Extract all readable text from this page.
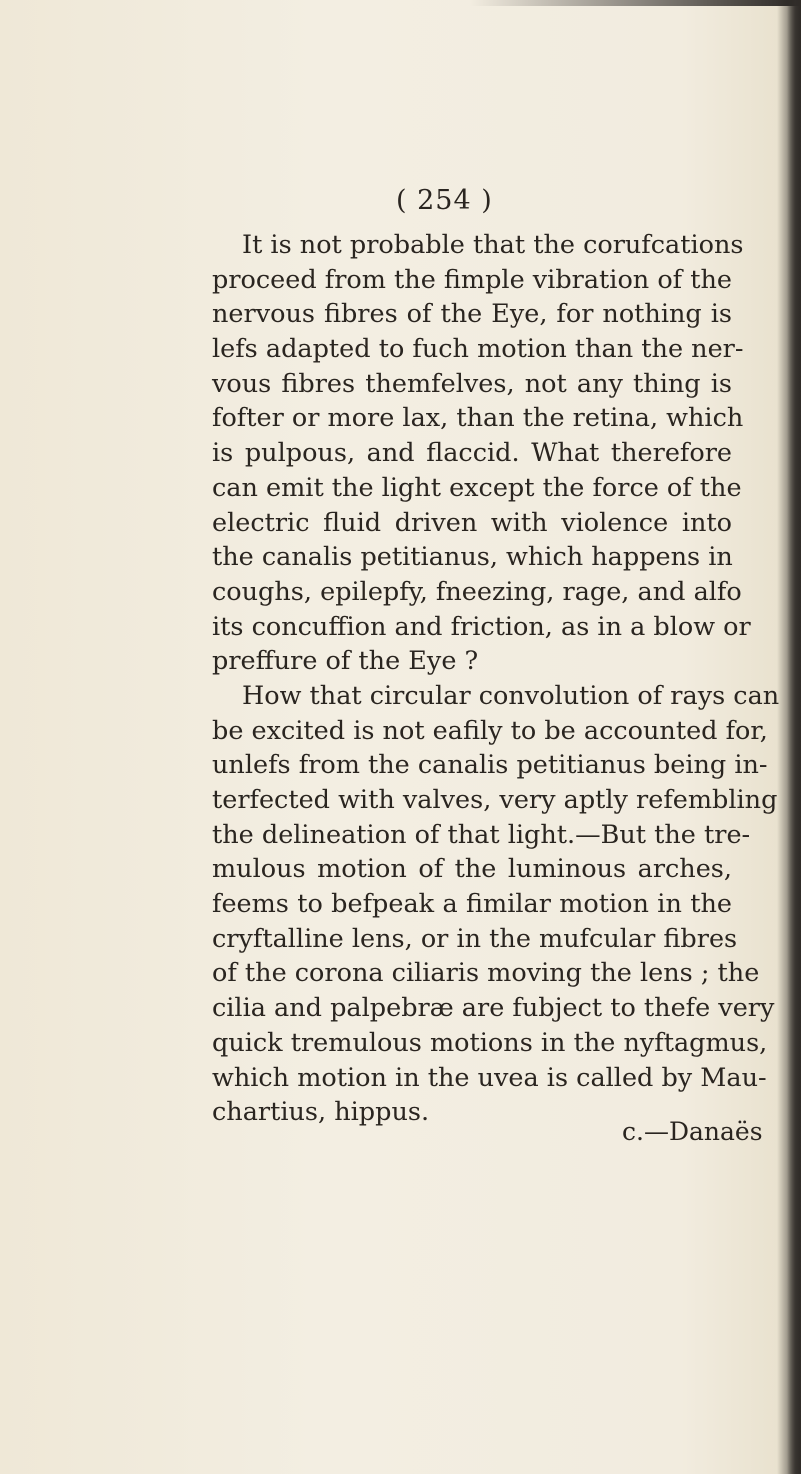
( 254 )

It is not probable that the corufcations
proceed from the fimple vibration of the
nervous fibres of the Eye, for nothing is
lefs adapted to fuch motion than the ner-
vous fibres themfelves, not any thing is
fofter or more lax, than the retina, which
is pulpous, and flaccid. What therefore
can emit the light except the force of the
electric fluid driven with violence into
the canalis petitianus, which happens in
coughs, epilepfy, fneezing, rage, and alfo
its concuffion and friction, as in a blow or
preffure of the Eye ?
How that circular convolution of rays can
be excited is not eafily to be accounted for,
unlefs from the canalis petitianus being in-
terfected with valves, very aptly refembling
the delineation of that light.—But the tre-
mulous motion of the luminous arches,
feems to befpeak a fimilar motion in the
cryftalline lens, or in the mufcular fibres
of the corona ciliaris moving the lens ; the
cilia and palpebræ are fubject to thefe very
quick tremulous motions in the nyftagmus,
which motion in the uvea is called by Mau-
chartius, hippus.

c.—Danaës
